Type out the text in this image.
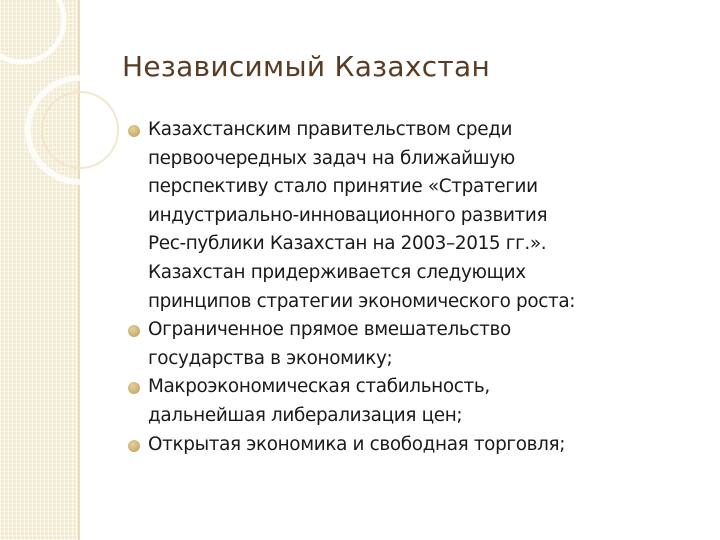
Независимый Казахстан
Казахстанским правительством среди
первоочередных задач на ближайшую
перспективу стало принятие «Стратегии
индустриально-инновационного развития
Рес-публики Казахстан на 2003–2015 гг.».
Казахстан придерживается следующих
принципов стратегии экономического роста:
Ограниченное прямое вмешательство
государства в экономику;
Макроэкономическая стабильность,
дальнейшая либерализация цен;
Открытая экономика и свободная торговля;
